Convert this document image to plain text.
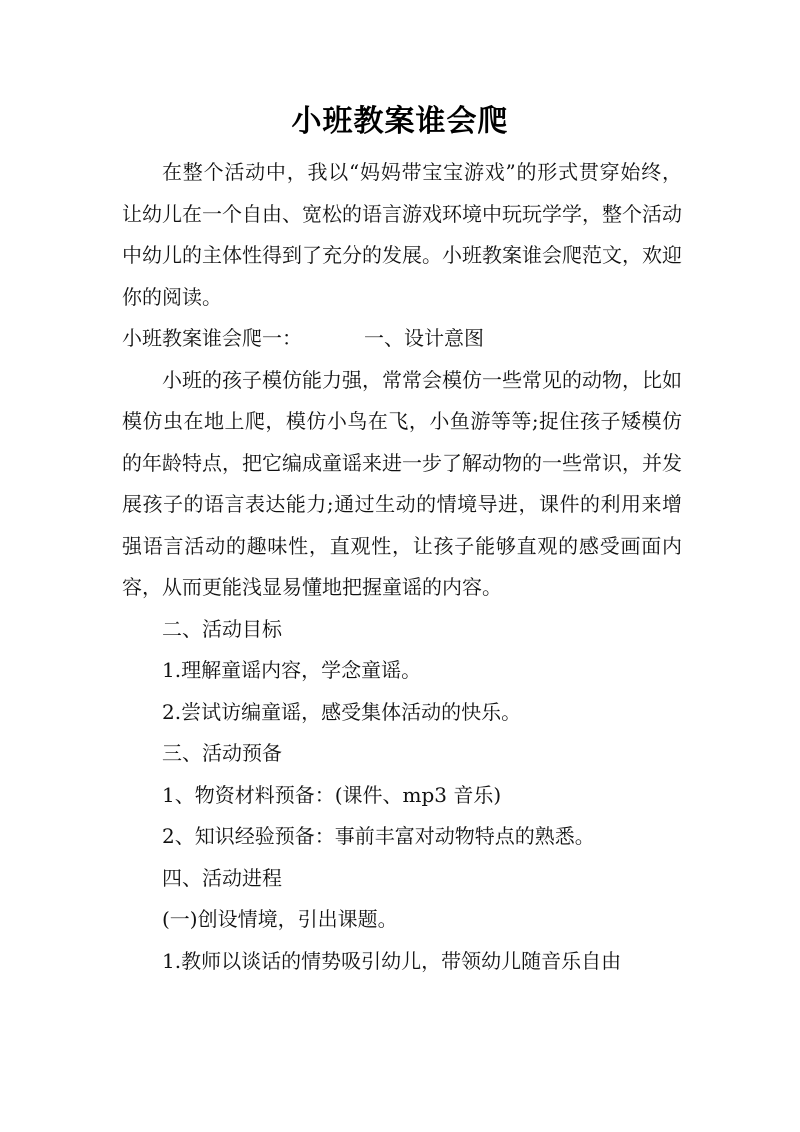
小班教案谁会爬

在整个活动中，我以“妈妈带宝宝游戏”的形式贯穿始终，让幼儿在一个自由、宽松的语言游戏环境中玩玩学学，整个活动中幼儿的主体性得到了充分的发展。小班教案谁会爬范文，欢迎你的阅读。

小班教案谁会爬一：	一、设计意图

小班的孩子模仿能力强，常常会模仿一些常见的动物，比如模仿虫在地上爬，模仿小鸟在飞，小鱼游等等;捉住孩子矮模仿的年龄特点，把它编成童谣来进一步了解动物的一些常识，并发展孩子的语言表达能力;通过生动的情境导进，课件的利用来增强语言活动的趣味性，直观性，让孩子能够直观的感受画面内容，从而更能浅显易懂地把握童谣的内容。

二、活动目标

1.理解童谣内容，学念童谣。

2.尝试访编童谣，感受集体活动的快乐。

三、活动预备

1、物资材料预备：(课件、mp3 音乐)

2、知识经验预备：事前丰富对动物特点的熟悉。

四、活动进程

(一)创设情境，引出课题。

1.教师以谈话的情势吸引幼儿，带领幼儿随音乐自由
